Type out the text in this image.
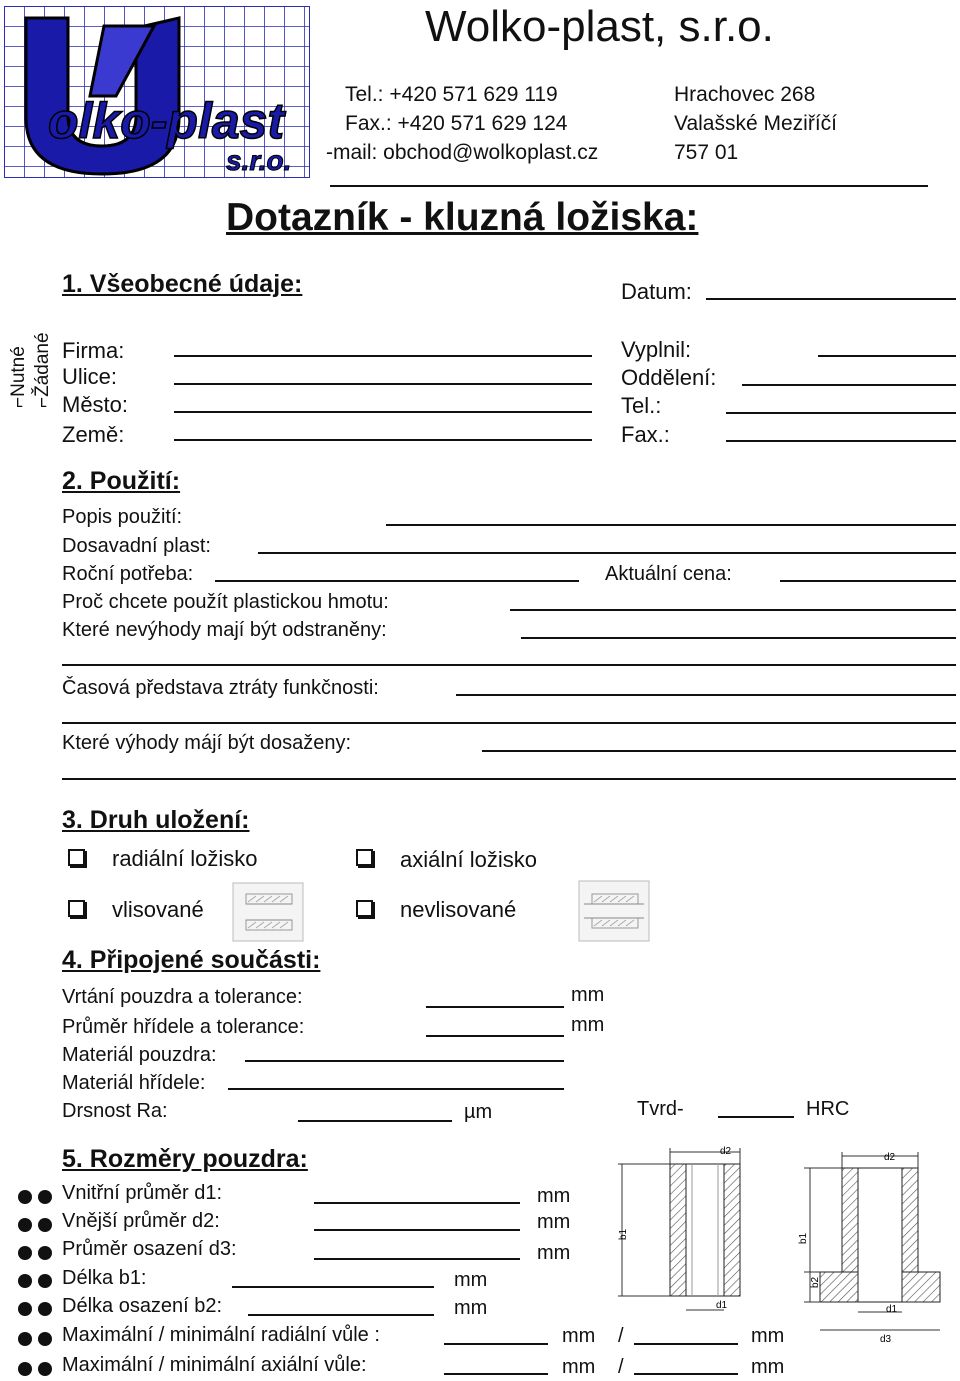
olko-plast
s.r.o.
Wolko-plast, s.r.o.
Tel.: +420 571 629 119
Fax.: +420 571 629 124
-mail: obchod@wolkoplast.cz
Hrachovec 268
Valašské Meziříčí
757 01
Dotazník - kluzná ložiska:
⌐Nutné
⌐Žádané
1. Všeobecné údaje:	Datum:
Firma:
Ulice:
Město:
Země:
Vyplnil:
Oddělení:
Tel.:
Fax.:
2. Použití:
Popis použití:
Dosavadní plast:
Roční potřeba:	Aktuální cena:
Proč chcete použít plastickou hmotu:
Které nevýhody mají být odstraněny:
Časová představa ztráty funkčnosti:
Které výhody májí být dosaženy:
3. Druh uložení:
radiální ložisko	axiální ložisko
vlisované	nevlisované
4. Připojené součásti:
Vrtání pouzdra a tolerance:	mm
Průměr hřídele a tolerance:	mm
Materiál pouzdra:
Materiál hřídele:
Drsnost Ra:	µm	Tvrd-	HRC
5. Rozměry pouzdra:
Vnitřní průměr d1:	mm
Vnější průměr d2:	mm
Průměr osazení d3:	mm
Délka b1:	mm
Délka osazení b2:	mm
Maximální / minimální radiální vůle :	mm /	mm
Maximální / minimální axiální vůle:	mm /	mm
d2
b1
d1
d2
b1
b2
d1
d3
